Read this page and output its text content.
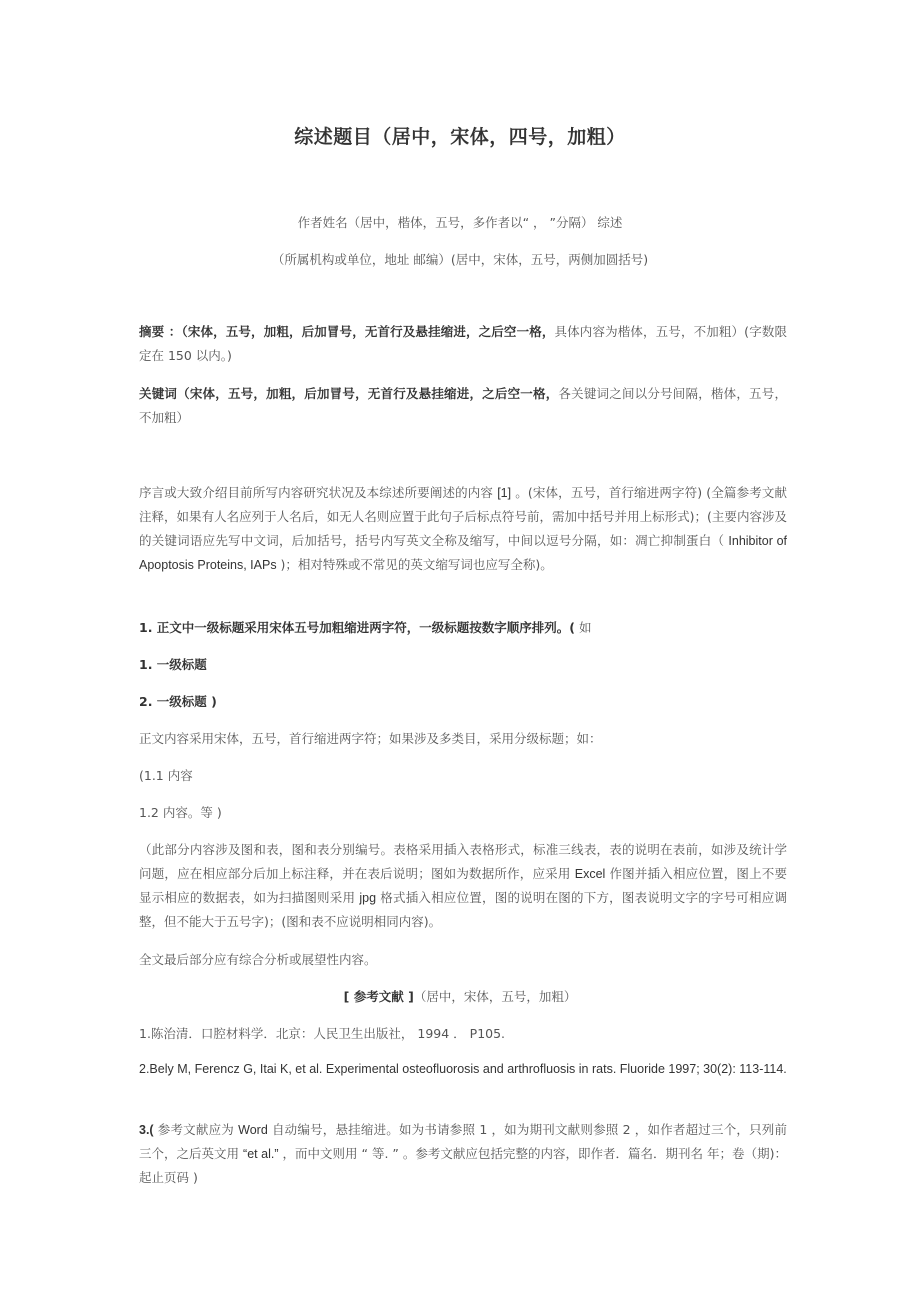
综述题目（居中，宋体，四号，加粗）
作者姓名（居中，楷体，五号，多作者以“ ， ”分隔） 综述
（所属机构或单位，地址 邮编）(居中，宋体，五号，两侧加圆括号)
摘要 ：（宋体，五号，加粗，后加冒号，无首行及悬挂缩进，之后空一格，具体内容为楷体，五号，不加粗）(字数限定在 150 以内。)
关键词（宋体，五号，加粗，后加冒号，无首行及悬挂缩进，之后空一格，各关键词之间以分号间隔，楷体，五号，不加粗）
序言或大致介绍目前所写内容研究状况及本综述所要阐述的内容 [1] 。(宋体，五号，首行缩进两字符) (全篇参考文献注释，如果有人名应列于人名后，如无人名则应置于此句子后标点符号前，需加中括号并用上标形式)；(主要内容涉及的关键词语应先写中文词，后加括号，括号内写英文全称及缩写，中间以逗号分隔，如：凋亡抑制蛋白（ Inhibitor of Apoptosis Proteins, IAPs )；相对特殊或不常见的英文缩写词也应写全称)。
1. 正文中一级标题采用宋体五号加粗缩进两字符，一级标题按数字顺序排列。( 如
1. 一级标题
2. 一级标题 )
正文内容采用宋体，五号，首行缩进两字符；如果涉及多类目，采用分级标题；如：
(1.1 内容
1.2 内容。等 )
（此部分内容涉及图和表，图和表分别编号。表格采用插入表格形式，标准三线表，表的说明在表前，如涉及统计学问题，应在相应部分后加上标注释，并在表后说明；图如为数据所作，应采用 Excel 作图并插入相应位置，图上不要显示相应的数据表，如为扫描图则采用 jpg 格式插入相应位置，图的说明在图的下方，图表说明文字的字号可相应调整，但不能大于五号字)；(图和表不应说明相同内容)。
全文最后部分应有综合分析或展望性内容。
[ 参考文献 ]（居中，宋体，五号，加粗）
1.陈治清．口腔材料学．北京：人民卫生出版社， 1994 ． P105.
2.Bely M, Ferencz G, Itai K, et al. Experimental osteofluorosis and arthrofluosis in rats. Fluoride 1997; 30(2): 113-114.
3.( 参考文献应为 Word 自动编号，悬挂缩进。如为书请参照 1 ，如为期刊文献则参照 2 ，如作者超过三个，只列前三个，之后英文用 “et al.” ，而中文则用 “ 等. ” 。参考文献应包括完整的内容，即作者．篇名．期刊名 年；卷（期)：起止页码 )
